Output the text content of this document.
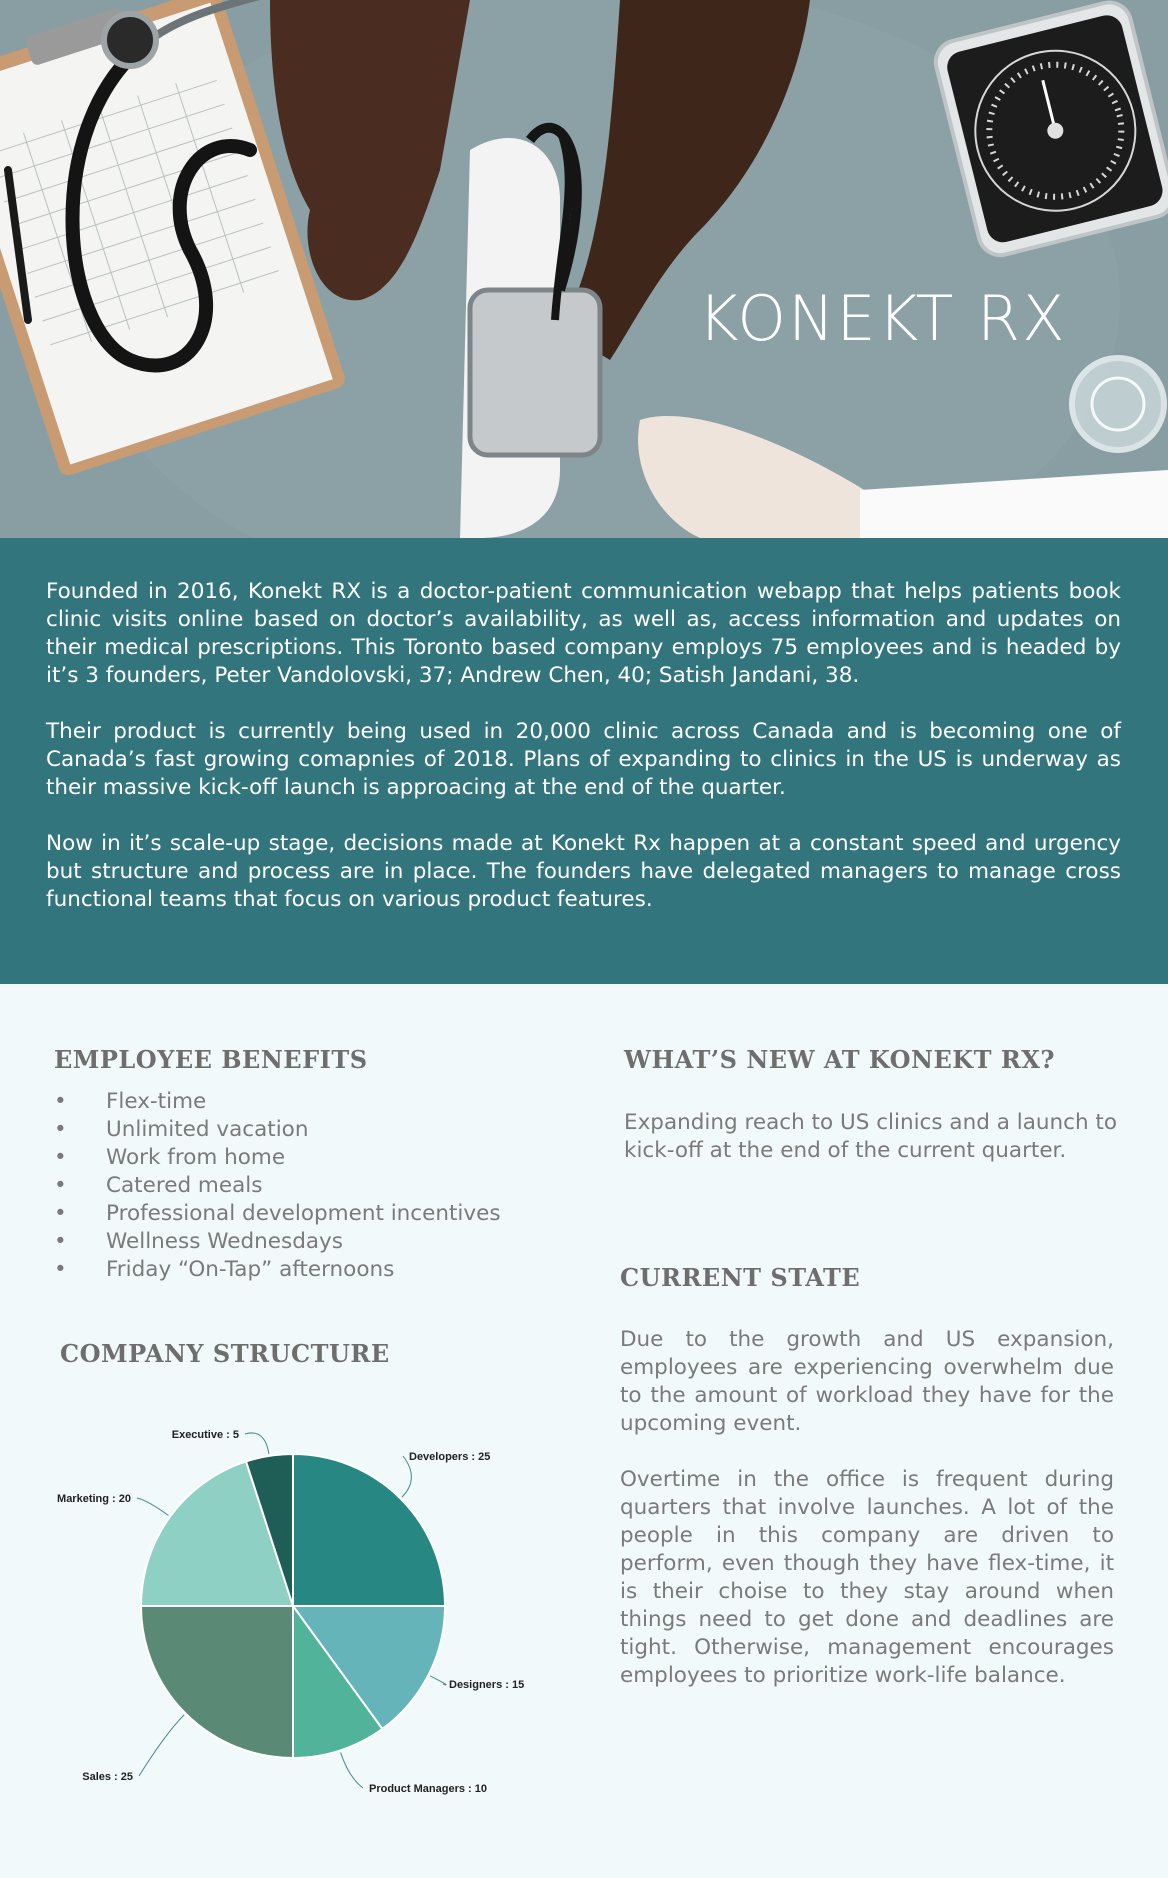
KONEKT RX

Founded in 2016, Konekt RX is a doctor-patient communication webapp that helps patients book clinic visits online based on doctor’s availability, as well as, access information and updates on their medical prescriptions. This Toronto based company employs 75 employees and is headed by it’s 3 founders, Peter Vandolovski, 37; Andrew Chen, 40; Satish Jandani, 38.

Their product is currently being used in 20,000 clinic across Canada and is becoming one of Canada’s fast growing comapnies of 2018. Plans of expanding to clinics in the US is underway as their massive kick-off launch is approacing at the end of the quarter.

Now in it’s scale-up stage, decisions made at Konekt Rx happen at a constant speed and urgency but structure and process are in place. The founders have delegated managers to manage cross functional teams that focus on various product features.

EMPLOYEE BENEFITS
•	Flex-time
•	Unlimited vacation
•	Work from home
•	Catered meals
•	Professional development incentives
•	Wellness Wednesdays
•	Friday “On-Tap” afternoons
WHAT’S NEW AT KONEKT RX?

Expanding reach to US clinics and a launch to kick-off at the end of the current quarter.

CURRENT STATE

Due to the growth and US expansion, employees are experiencing overwhelm due to the amount of workload they have for the upcoming event.

Overtime in the office is frequent during quarters that involve launches. A lot of the people in this company are driven to perform, even though they have flex-time, it is their choise to they stay around when things need to get done and deadlines are tight. Otherwise, management encourages employees to prioritize work-life balance.

COMPANY STRUCTURE
Developers : 25
Designers : 15
Product Managers : 10
Sales : 25
Marketing : 20
Executive : 5
